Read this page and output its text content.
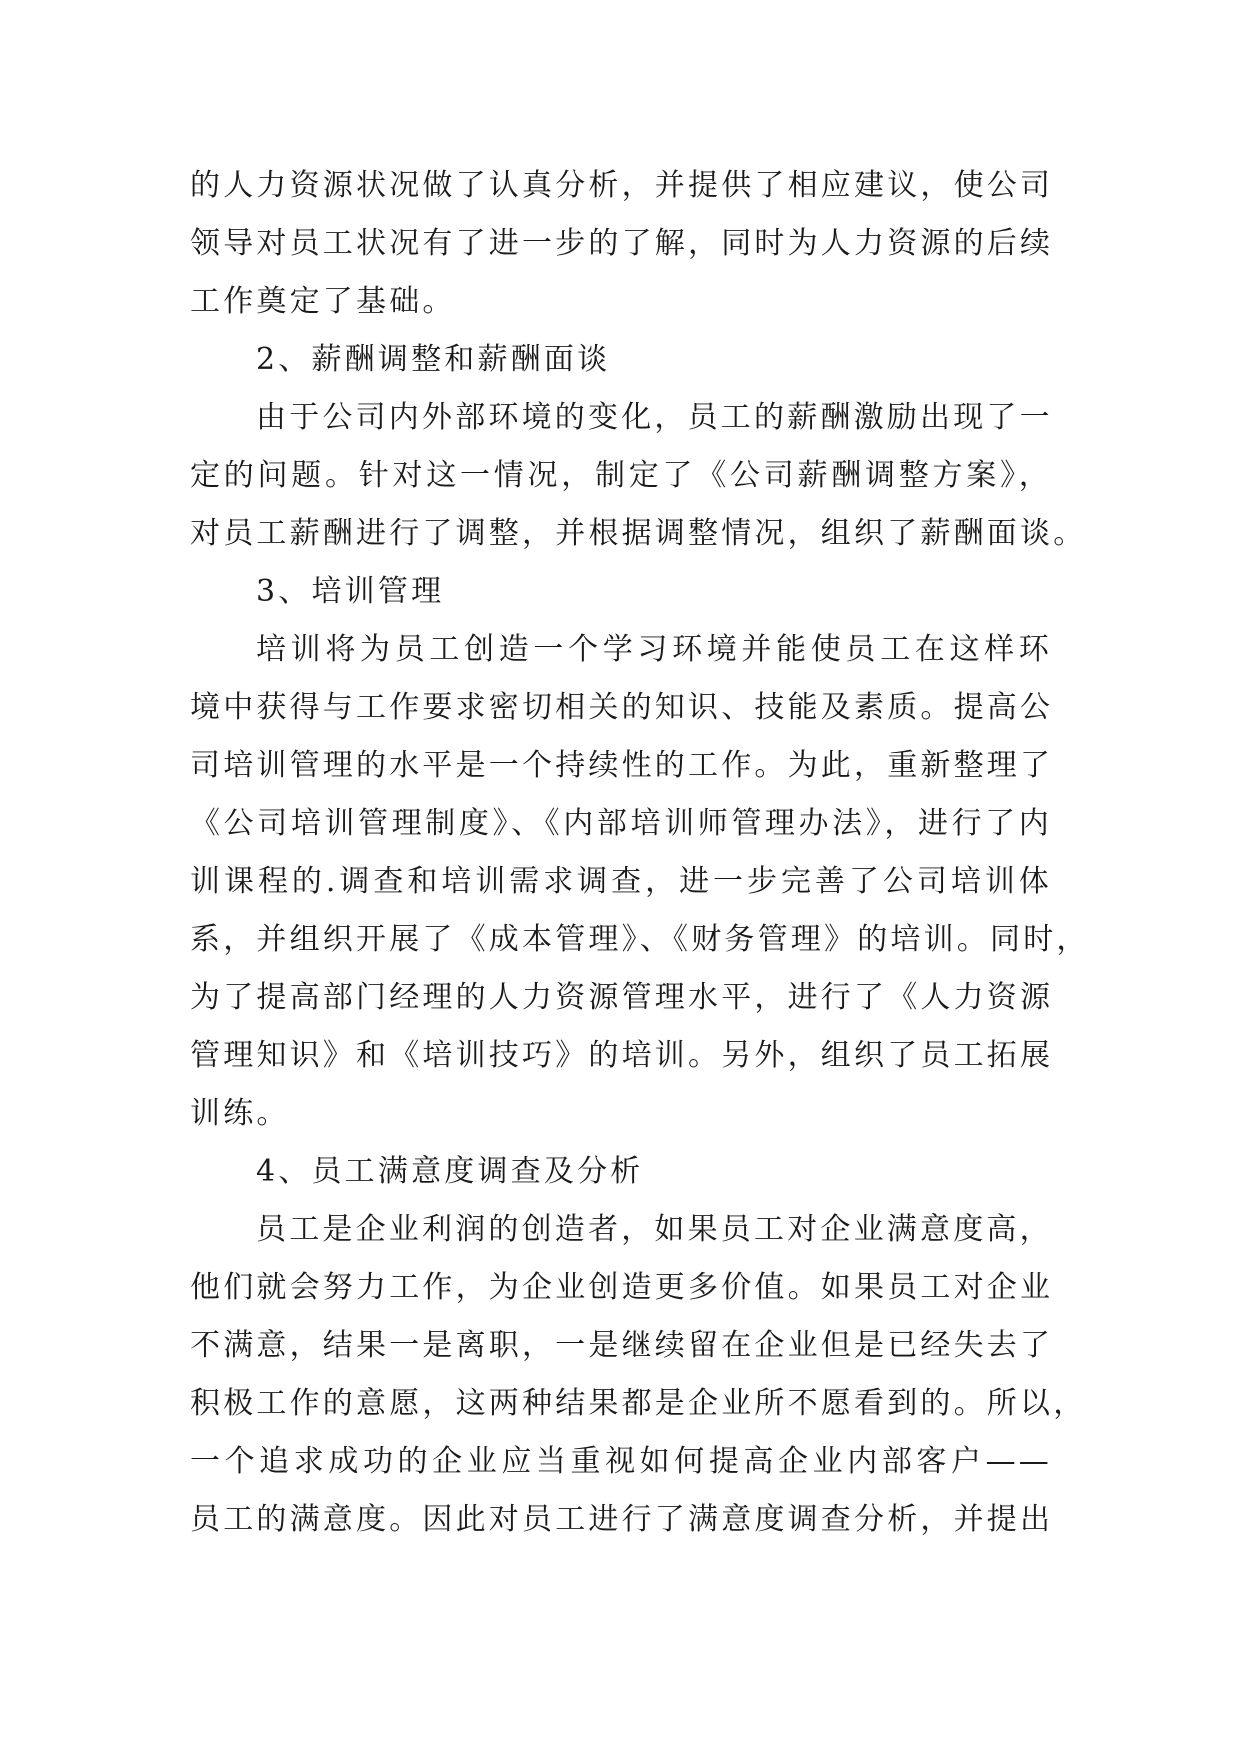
的人力资源状况做了认真分析，并提供了相应建议，使公司
领导对员工状况有了进一步的了解，同时为人力资源的后续
工作奠定了基础。
2、薪酬调整和薪酬面谈
由于公司内外部环境的变化，员工的薪酬激励出现了一
定的问题。针对这一情况，制定了《公司薪酬调整方案》，
对员工薪酬进行了调整，并根据调整情况，组织了薪酬面谈。
3、培训管理
培训将为员工创造一个学习环境并能使员工在这样环
境中获得与工作要求密切相关的知识、技能及素质。提高公
司培训管理的水平是一个持续性的工作。为此，重新整理了
《公司培训管理制度》、《内部培训师管理办法》，进行了内
训课程的.调查和培训需求调查，进一步完善了公司培训体
系，并组织开展了《成本管理》、《财务管理》的培训。同时，
为了提高部门经理的人力资源管理水平，进行了《人力资源
管理知识》和《培训技巧》的培训。另外，组织了员工拓展
训练。
4、员工满意度调查及分析
员工是企业利润的创造者，如果员工对企业满意度高，
他们就会努力工作，为企业创造更多价值。如果员工对企业
不满意，结果一是离职，一是继续留在企业但是已经失去了
积极工作的意愿，这两种结果都是企业所不愿看到的。所以，
一个追求成功的企业应当重视如何提高企业内部客户——
员工的满意度。因此对员工进行了满意度调查分析，并提出
